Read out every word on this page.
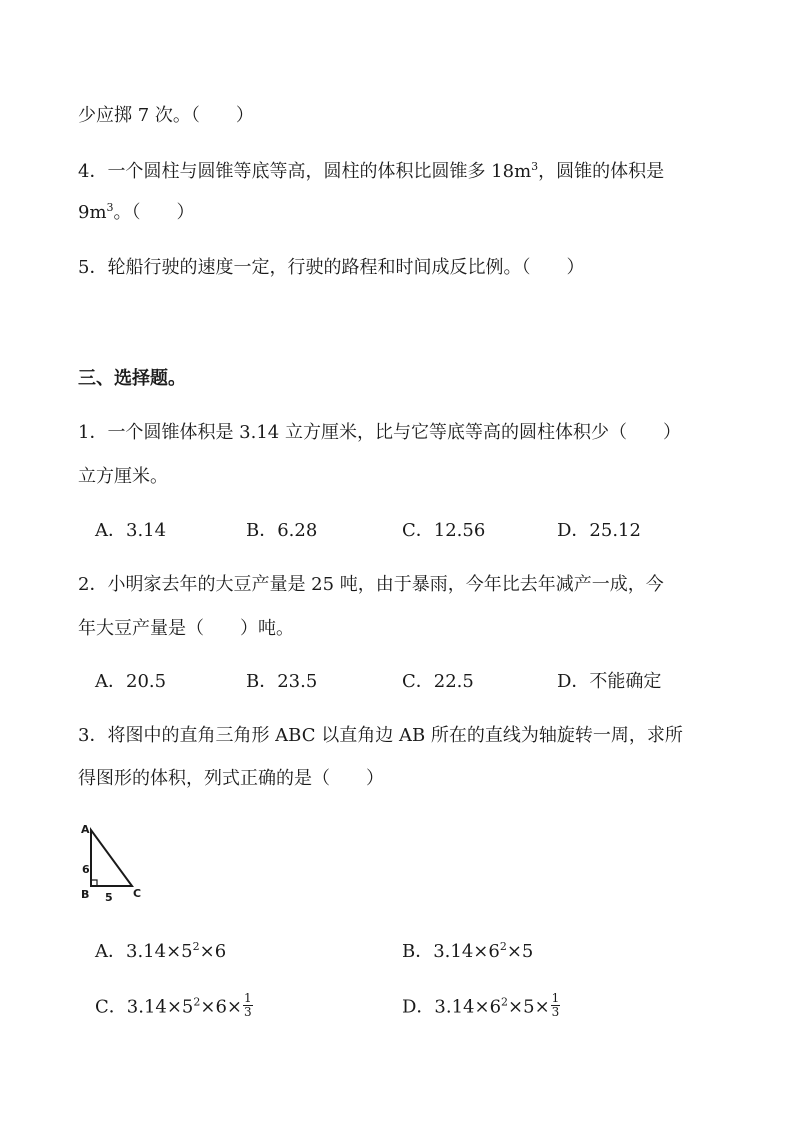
少应掷 7 次。（　　）
4．一个圆柱与圆锥等底等高，圆柱的体积比圆锥多 $18m^3$，圆锥的体积是
$9m^3$。（　　）
5．轮船行驶的速度一定，行驶的路程和时间成反比例。（　　）
三、选择题。
1．一个圆锥体积是 3.14 立方厘米，比与它等底等高的圆柱体积少（　　）
立方厘米。
A．3.14	B．6.28	C．12.56	D．25.12
2．小明家去年的大豆产量是 25 吨，由于暴雨，今年比去年减产一成，今
年大豆产量是（　　）吨。
A．20.5	B．23.5	C．22.5	D．不能确定
3．将图中的直角三角形 ABC 以直角边 AB 所在的直线为轴旋转一周，求所
得图形的体积，列式正确的是（　　）
A
6
B 5 C
A．$3.14\times 5^2\times 6$	B．$3.14\times 6^2\times 5$
C．$3.14\times 5^2\times 6\times \frac{1}{3}$	D．$3.14\times 6^2\times 5\times \frac{1}{3}$
